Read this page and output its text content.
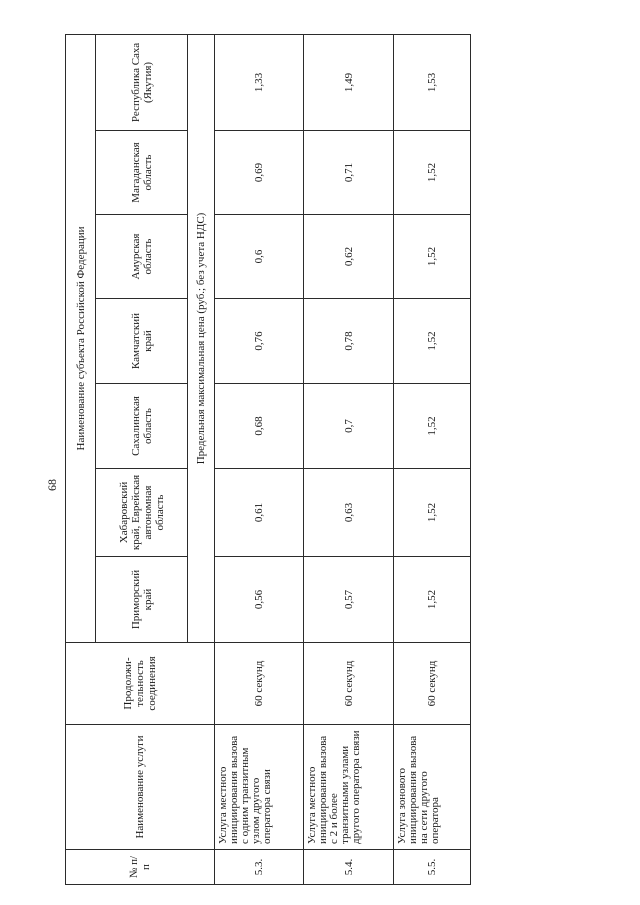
68
№ п/п	Наименование услуги	Продолжи-тельность соединения	Наименование субъекта Российской Федерации						
			Приморский край	Хабаровский край, Еврейская автономная область	Сахалинская область	Камчатский край	Амурская область	Магаданская область	Республика Саха (Якутия)
			Предельная максимальная цена (руб.; без учета НДС)						
5.3.	Услуга местного инициирования вызова с одним транзитным узлом другого оператора связи	60 секунд	0,56	0,61	0,68	0,76	0,6	0,69	1,33
5.4.	Услуга местного инициирования вызова с 2 и более транзитными узлами другого оператора связи	60 секунд	0,57	0,63	0,7	0,78	0,62	0,71	1,49
5.5.	Услуга зонового инициирования вызова на сети другого оператора	60 секунд	1,52	1,52	1,52	1,52	1,52	1,52	1,53
